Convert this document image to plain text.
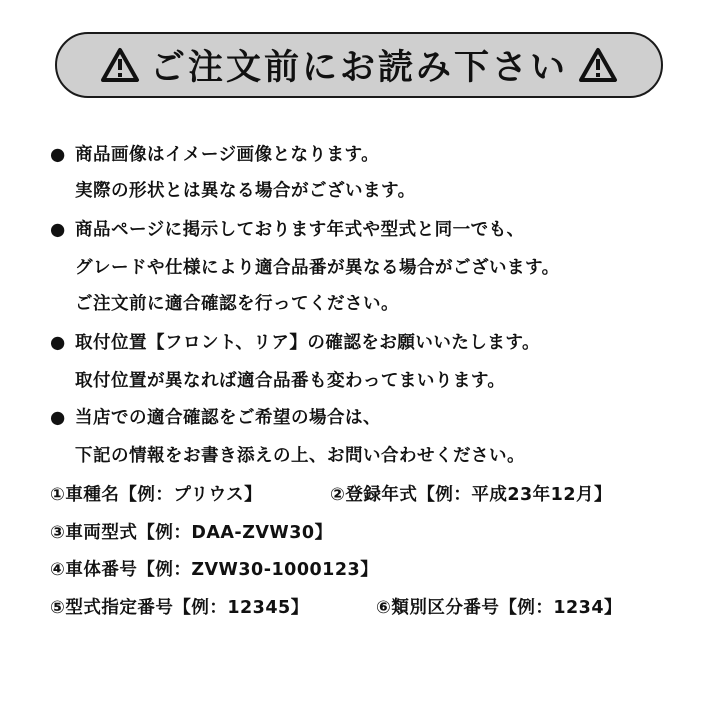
ご注文前にお読み下さい
● 商品画像はイメージ画像となります。
実際の形状とは異なる場合がございます。
● 商品ページに掲示しております年式や型式と同一でも、
グレードや仕様により適合品番が異なる場合がございます。
ご注文前に適合確認を行ってください。
● 取付位置【フロント、リア】の確認をお願いいたします。
取付位置が異なれば適合品番も変わってまいります。
● 当店での適合確認をご希望の場合は、
下記の情報をお書き添えの上、お問い合わせください。
①車種名【例：プリウス】	②登録年式【例：平成23年12月】
③車両型式【例：DAA-ZVW30】
④車体番号【例：ZVW30-1000123】
⑤型式指定番号【例：12345】	⑥類別区分番号【例：1234】
